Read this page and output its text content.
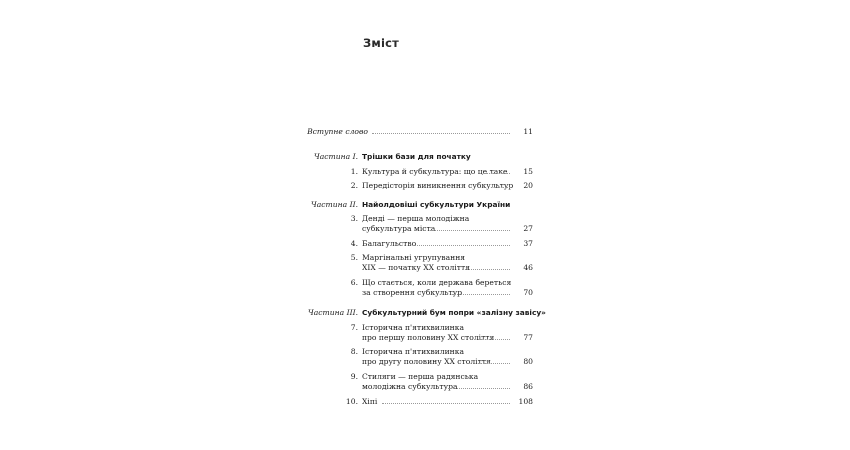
Зміст
Вступне слово	11
Частина І. Трішки бази для початку
1. Культура й субкультура: що це таке	15
2. Передісторія виникнення субкультур	20
Частина ІІ. Найолдовіші субкультури України
3. Денді — перша молодіжна
субкультура міста	27
4. Балагульство	37
5. Маргінальні угрупування
XIX — початку XX століття	46
6. Що стається, коли держава береться
за створення субкультур	70
Частина ІІІ. Субкультурний бум попри «залізну завісу»
7. Історична п'ятихвилинка
про першу половину XX століття	77
8. Історична п'ятихвилинка
про другу половину XX століття	80
9. Стиляги — перша радянська
молодіжна субкультура	86
10. Хіпі	108
